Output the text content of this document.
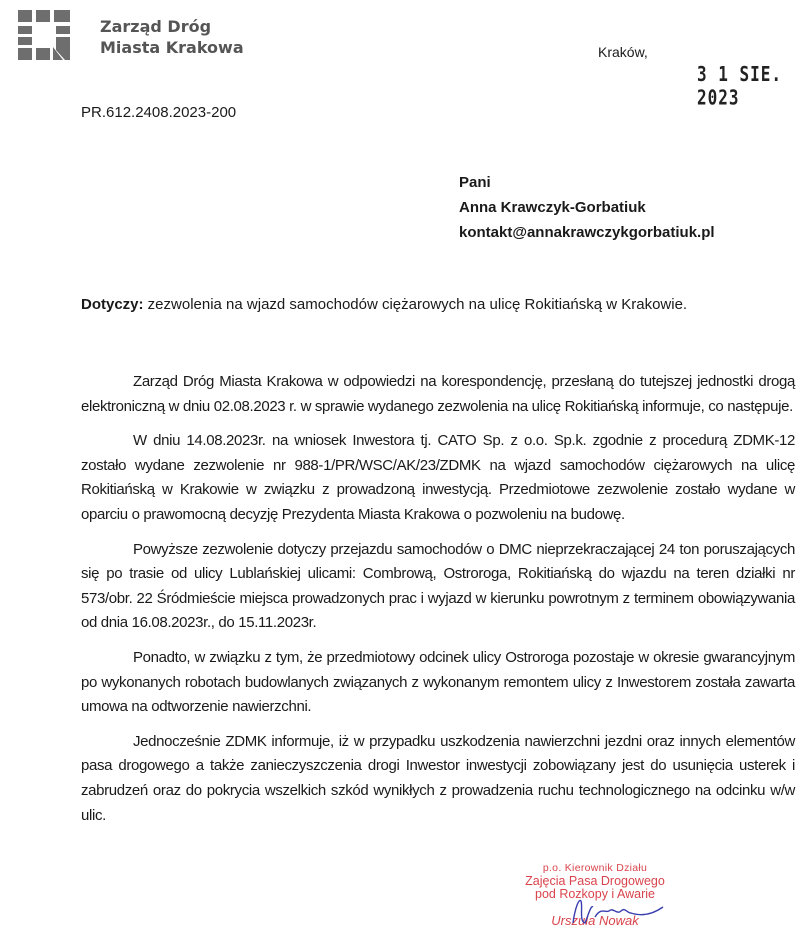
Zarząd Dróg
Miasta Krakowa	Kraków,
3 1 SIE. 2023
PR.612.2408.2023-200
Pani
Anna Krawczyk-Gorbatiuk
kontakt@annakrawczykgorbatiuk.pl
Dotyczy: zezwolenia na wjazd samochodów ciężarowych na ulicę Rokitiańską w Krakowie.

Zarząd Dróg Miasta Krakowa w odpowiedzi na korespondencję, przesłaną do tutejszej jednostki drogą elektroniczną w dniu 02.08.2023 r. w sprawie wydanego zezwolenia na ulicę Rokitiańską informuje, co następuje.

W dniu 14.08.2023r. na wniosek Inwestora tj. CATO Sp. z o.o. Sp.k. zgodnie z procedurą ZDMK-12 zostało wydane zezwolenie nr 988-1/PR/WSC/AK/23/ZDMK na wjazd samochodów ciężarowych na ulicę Rokitiańską w Krakowie w związku z prowadzoną inwestycją. Przedmiotowe zezwolenie zostało wydane w oparciu o prawomocną decyzję Prezydenta Miasta Krakowa o pozwoleniu na budowę.

Powyższe zezwolenie dotyczy przejazdu samochodów o DMC nieprzekraczającej 24 ton poruszających się po trasie od ulicy Lublańskiej ulicami: Combrową, Ostroroga, Rokitiańską do wjazdu na teren działki nr 573/obr. 22 Śródmieście miejsca prowadzonych prac i wyjazd w kierunku powrotnym z terminem obowiązywania od dnia 16.08.2023r., do 15.11.2023r.

Ponadto, w związku z tym, że przedmiotowy odcinek ulicy Ostroroga pozostaje w okresie gwarancyjnym po wykonanych robotach budowlanych związanych z wykonanym remontem ulicy z Inwestorem została zawarta umowa na odtworzenie nawierzchni.

Jednocześnie ZDMK informuje, iż w przypadku uszkodzenia nawierzchni jezdni oraz innych elementów pasa drogowego a także zanieczyszczenia drogi Inwestor inwestycji zobowiązany jest do usunięcia usterek i zabrudzeń oraz do pokrycia wszelkich szkód wynikłych z prowadzenia ruchu technologicznego na odcinku w/w ulic.

p.o. Kierownik Działu
Zajęcia Pasa Drogowego
pod Rozkopy i Awarie
Urszula Nowak
